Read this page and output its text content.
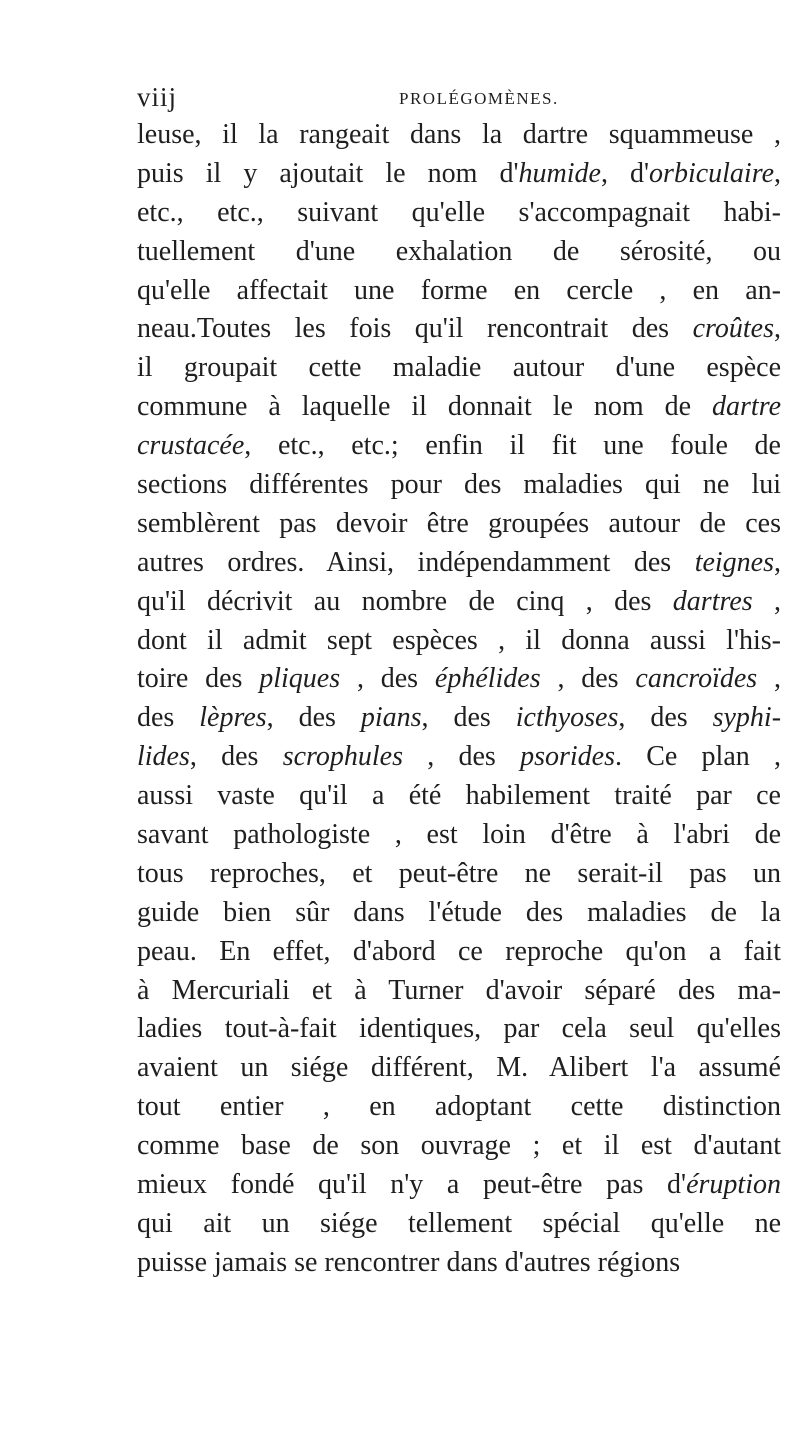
viij	PROLÉGOMÈNES.
leuse, il la rangeait dans la dartre squammeuse ,
puis il y ajoutait le nom d'humide, d'orbiculaire,
etc., etc., suivant qu'elle s'accompagnait habi-
tuellement d'une exhalation de sérosité, ou
qu'elle affectait une forme en cercle , en an-
neau.Toutes les fois qu'il rencontrait des croûtes,
il groupait cette maladie autour d'une espèce
commune à laquelle il donnait le nom de dartre
crustacée, etc., etc.; enfin il fit une foule de
sections différentes pour des maladies qui ne lui
semblèrent pas devoir être groupées autour de ces
autres ordres. Ainsi, indépendamment des teignes,
qu'il décrivit au nombre de cinq , des dartres ,
dont il admit sept espèces , il donna aussi l'his-
toire des pliques , des éphélides , des cancroïdes ,
des lèpres, des pians, des icthyoses, des syphi-
lides, des scrophules , des psorides. Ce plan ,
aussi vaste qu'il a été habilement traité par ce
savant pathologiste , est loin d'être à l'abri de
tous reproches, et peut-être ne serait-il pas un
guide bien sûr dans l'étude des maladies de la
peau. En effet, d'abord ce reproche qu'on a fait
à Mercuriali et à Turner d'avoir séparé des ma-
ladies tout-à-fait identiques, par cela seul qu'elles
avaient un siége différent, M. Alibert l'a assumé
tout entier , en adoptant cette distinction
comme base de son ouvrage ; et il est d'autant
mieux fondé qu'il n'y a peut-être pas d'éruption
qui ait un siége tellement spécial qu'elle ne
puisse jamais se rencontrer dans d'autres régions
